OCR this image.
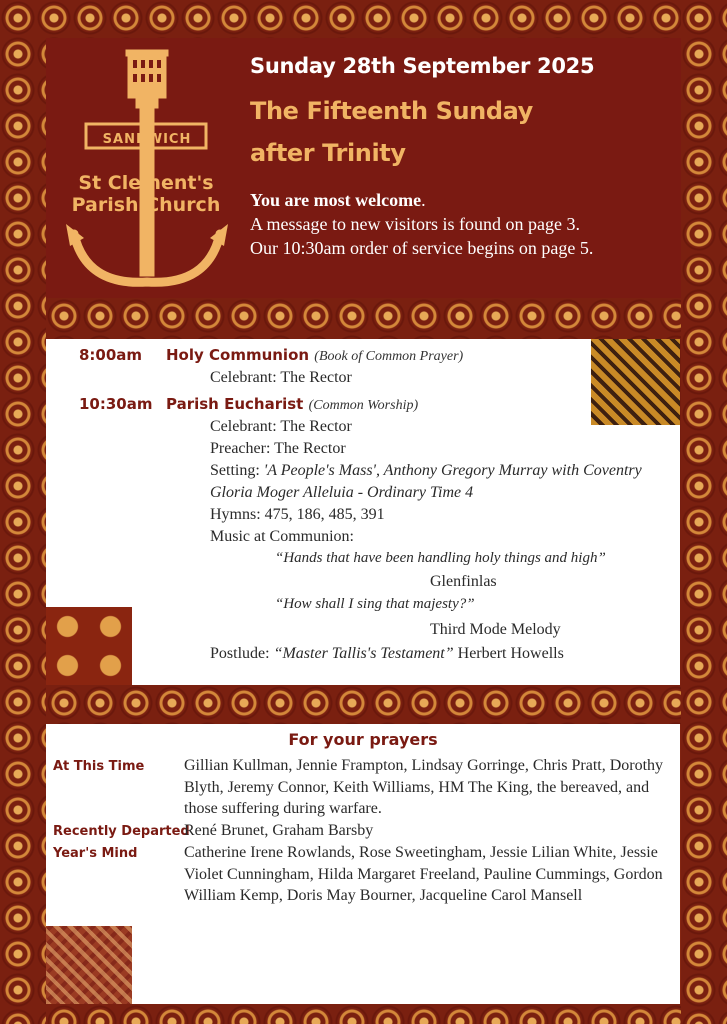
SANDWICH
St Clement's
Parish Church
Sunday 28th September 2025
The Fifteenth Sunday
after Trinity
You are most welcome.
A message to new visitors is found on page 3.
Our 10:30am order of service begins on page 5.
8:00am Holy Communion (Book of Common Prayer)
Celebrant: The Rector
10:30am Parish Eucharist (Common Worship)
Celebrant: The Rector
Preacher: The Rector
Setting: 'A People's Mass', Anthony Gregory Murray with Coventry
Gloria Moger Alleluia - Ordinary Time 4
Hymns: 475, 186, 485, 391
Music at Communion:
“Hands that have been handling holy things and high”
Glenfinlas
“How shall I sing that majesty?”
Third Mode Melody
Postlude: “Master Tallis's Testament” Herbert Howells
For your prayers
At This Time Gillian Kullman, Jennie Frampton, Lindsay Gorringe, Chris Pratt, Dorothy Blyth, Jeremy Connor, Keith Williams, HM The King, the bereaved, and those suffering during warfare.
Recently Departed
René Brunet, Graham Barsby
Year's Mind	Catherine Irene Rowlands, Rose Sweetingham, Jessie Lilian White, Jessie Violet Cunningham, Hilda Margaret Freeland, Pauline Cummings, Gordon William Kemp, Doris May Bourner, Jacqueline Carol Mansell
